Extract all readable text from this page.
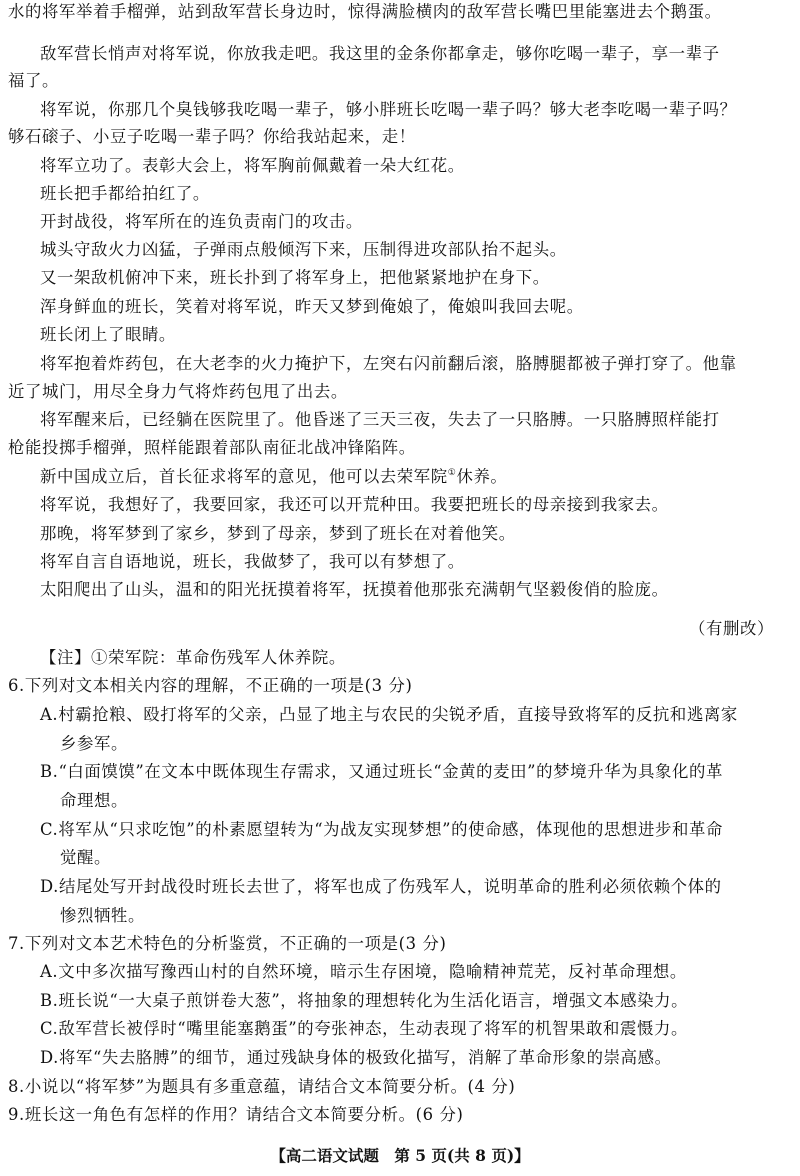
水的将军举着手榴弹，站到敌军营长身边时，惊得满脸横肉的敌军营长嘴巴里能塞进去个鹅蛋。
敌军营长悄声对将军说，你放我走吧。我这里的金条你都拿走，够你吃喝一辈子，享一辈子
福了。
将军说，你那几个臭钱够我吃喝一辈子，够小胖班长吃喝一辈子吗？够大老李吃喝一辈子吗？
够石磙子、小豆子吃喝一辈子吗？你给我站起来，走！
将军立功了。表彰大会上，将军胸前佩戴着一朵大红花。
班长把手都给拍红了。
开封战役，将军所在的连负责南门的攻击。
城头守敌火力凶猛，子弹雨点般倾泻下来，压制得进攻部队抬不起头。
又一架敌机俯冲下来，班长扑到了将军身上，把他紧紧地护在身下。
浑身鲜血的班长，笑着对将军说，昨天又梦到俺娘了，俺娘叫我回去呢。
班长闭上了眼睛。
将军抱着炸药包，在大老李的火力掩护下，左突右闪前翻后滚，胳膊腿都被子弹打穿了。他靠
近了城门，用尽全身力气将炸药包甩了出去。
将军醒来后，已经躺在医院里了。他昏迷了三天三夜，失去了一只胳膊。一只胳膊照样能打
枪能投掷手榴弹，照样能跟着部队南征北战冲锋陷阵。
新中国成立后，首长征求将军的意见，他可以去荣军院①休养。
将军说，我想好了，我要回家，我还可以开荒种田。我要把班长的母亲接到我家去。
那晚，将军梦到了家乡，梦到了母亲，梦到了班长在对着他笑。
将军自言自语地说，班长，我做梦了，我可以有梦想了。
太阳爬出了山头，温和的阳光抚摸着将军，抚摸着他那张充满朝气坚毅俊俏的脸庞。
（有删改）
【注】①荣军院：革命伤残军人休养院。
6.下列对文本相关内容的理解，不正确的一项是(3 分)
A.村霸抢粮、殴打将军的父亲，凸显了地主与农民的尖锐矛盾，直接导致将军的反抗和逃离家
乡参军。
B.“白面馍馍”在文本中既体现生存需求，又通过班长“金黄的麦田”的梦境升华为具象化的革
命理想。
C.将军从“只求吃饱”的朴素愿望转为“为战友实现梦想”的使命感，体现他的思想进步和革命
觉醒。
D.结尾处写开封战役时班长去世了，将军也成了伤残军人，说明革命的胜利必须依赖个体的
惨烈牺牲。
7.下列对文本艺术特色的分析鉴赏，不正确的一项是(3 分)
A.文中多次描写豫西山村的自然环境，暗示生存困境，隐喻精神荒芜，反衬革命理想。
B.班长说“一大桌子煎饼卷大葱”，将抽象的理想转化为生活化语言，增强文本感染力。
C.敌军营长被俘时“嘴里能塞鹅蛋”的夸张神态，生动表现了将军的机智果敢和震慑力。
D.将军“失去胳膊”的细节，通过残缺身体的极致化描写，消解了革命形象的崇高感。
8.小说以“将军梦”为题具有多重意蕴，请结合文本简要分析。(4 分)
9.班长这一角色有怎样的作用？请结合文本简要分析。(6 分)
【高二语文试题　第 5 页(共 8 页)】
